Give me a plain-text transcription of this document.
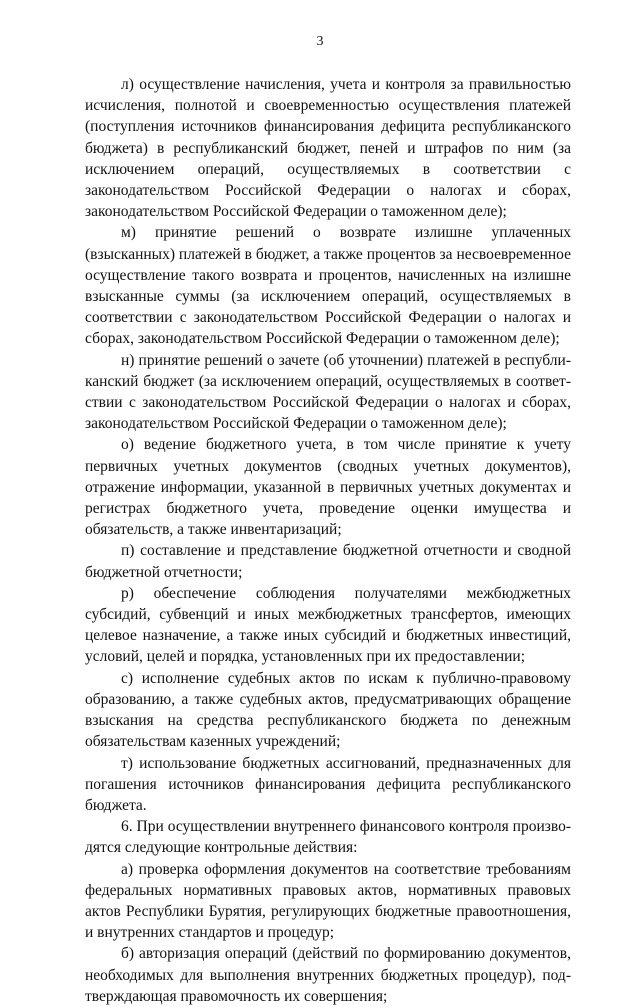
3

л) осуществление начисления, учета и контроля за правильностью исчисления, полнотой и своевременностью осуществления платежей (поступления источников финансирования дефицита республиканского бюджета) в республиканский бюджет, пеней и штрафов по ним (за исключением операций, осуществляемых в соответствии с законодательством Российской Федерации о налогах и сборах, законодательством Российской Федерации о таможенном деле);

м) принятие решений о возврате излишне уплаченных (взысканных) платежей в бюджет, а также процентов за несвоевременное осуществление такого возврата и процентов, начисленных на излишне взысканные суммы (за исключением операций, осуществляемых в соответствии с законодательством Российской Федерации о налогах и сборах, законодательством Российской Федерации о таможенном деле);

н) принятие решений о зачете (об уточнении) платежей в республиканский бюджет (за исключением операций, осуществляемых в соответствии с законодательством Российской Федерации о налогах и сборах, законодательством Российской Федерации о таможенном деле);

о) ведение бюджетного учета, в том числе принятие к учету первичных учетных документов (сводных учетных документов), отражение информации, указанной в первичных учетных документах и регистрах бюджетного учета, проведение оценки имущества и обязательств, а также инвентаризаций;

п) составление и представление бюджетной отчетности и сводной бюджетной отчетности;

р) обеспечение соблюдения получателями межбюджетных субсидий, субвенций и иных межбюджетных трансфертов, имеющих целевое назначение, а также иных субсидий и бюджетных инвестиций, условий, целей и порядка, установленных при их предоставлении;

с) исполнение судебных актов по искам к публично-правовому образованию, а также судебных актов, предусматривающих обращение взыскания на средства республиканского бюджета по денежным обязательствам казенных учреждений;

т) использование бюджетных ассигнований, предназначенных для погашения источников финансирования дефицита республиканского бюджета.

6. При осуществлении внутреннего финансового контроля производятся следующие контрольные действия:

а) проверка оформления документов на соответствие требованиям федеральных нормативных правовых актов, нормативных правовых актов Республики Бурятия, регулирующих бюджетные правоотношения, и внутренних стандартов и процедур;

б) авторизация операций (действий по формированию документов, необходимых для выполнения внутренних бюджетных процедур), подтверждающая правомочность их совершения;
